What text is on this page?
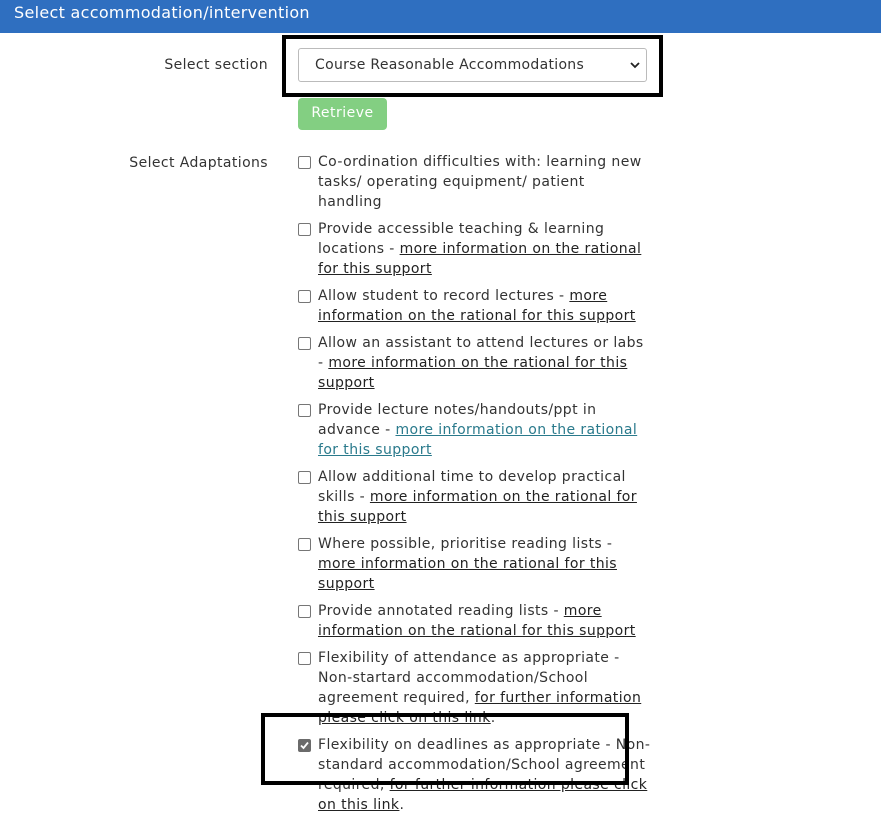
Select accommodation/intervention
Select section	Course Reasonable Accommodations
Retrieve
Select Adaptations	Co-ordination difficulties with: learning new tasks/ operating equipment/ patient handling
Provide accessible teaching & learning locations - more information on the rational for this support
Allow student to record lectures - more information on the rational for this support
Allow an assistant to attend lectures or labs - more information on the rational for this support
Provide lecture notes/handouts/ppt in advance - more information on the rational for this support
Allow additional time to develop practical skills - more information on the rational for this support
Where possible, prioritise reading lists - more information on the rational for this support
Provide annotated reading lists - more information on the rational for this support
Flexibility of attendance as appropriate - Non-startard accommodation/School agreement required, for further information please click on this link.
Flexibility on deadlines as appropriate - Non-standard accommodation/School agreement required, for further information please click on this link.
